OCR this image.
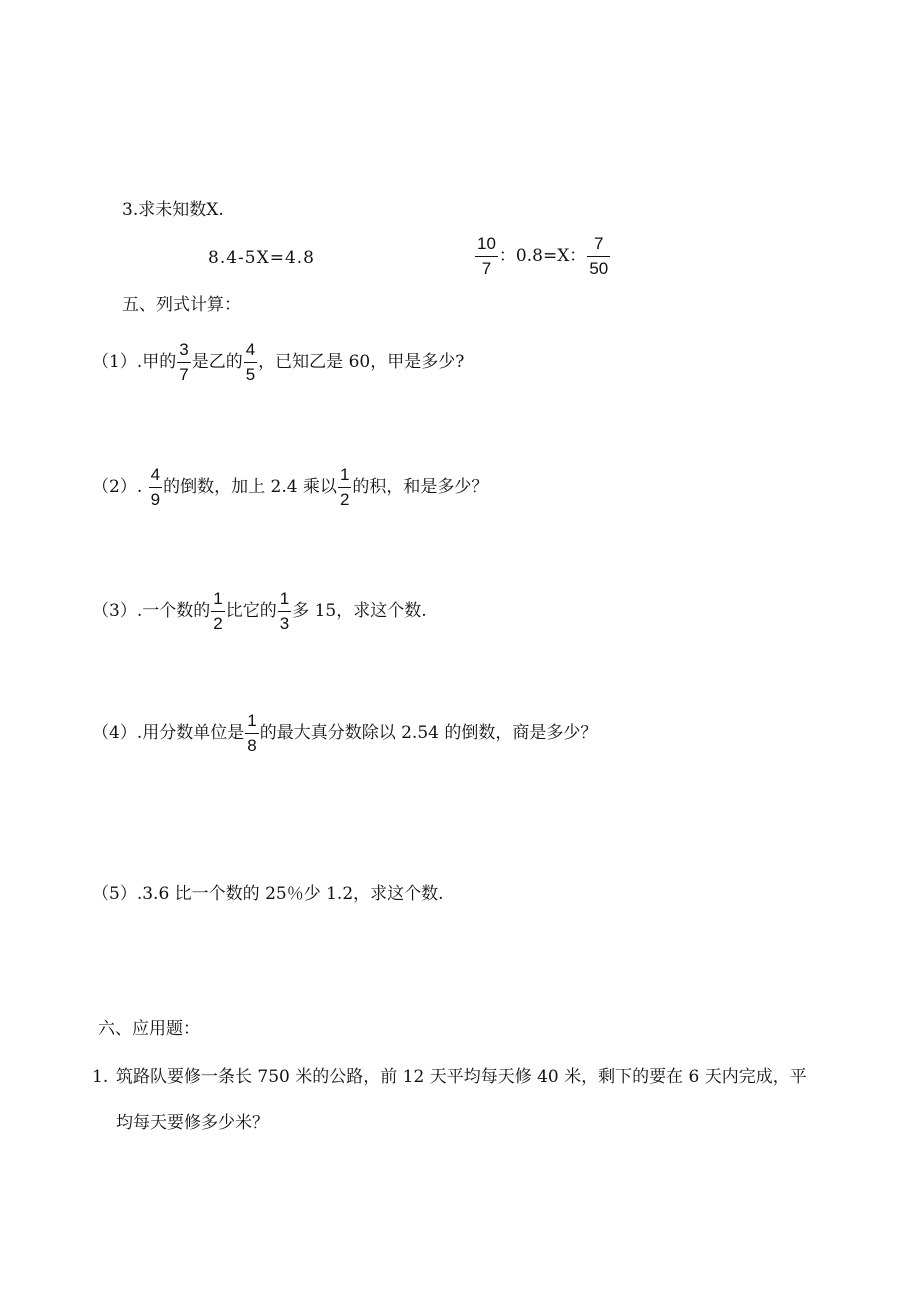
3.求未知数X.
8.4-5X=4.8	$\frac{10}{7}$ ：0.8=X： $\frac{7}{50}$
五、列式计算：
（1）.甲的 $\frac{3}{7}$ 是乙的 $\frac{4}{5}$ ，已知乙是 60，甲是多少?
（2）. $\frac{4}{9}$ 的倒数，加上 2.4 乘以 $\frac{1}{2}$ 的积，和是多少？
（3）.一个数的 $\frac{1}{2}$ 比它的 $\frac{1}{3}$ 多 15，求这个数.
（4）.用分数单位是 $\frac{1}{8}$ 的最大真分数除以 2.54 的倒数，商是多少？
（5）.3.6 比一个数的 25％少 1.2，求这个数.
六、应用题：
1. 筑路队要修一条长 750 米的公路，前 12 天平均每天修 40 米，剩下的要在 6 天内完成，平
均每天要修多少米？
